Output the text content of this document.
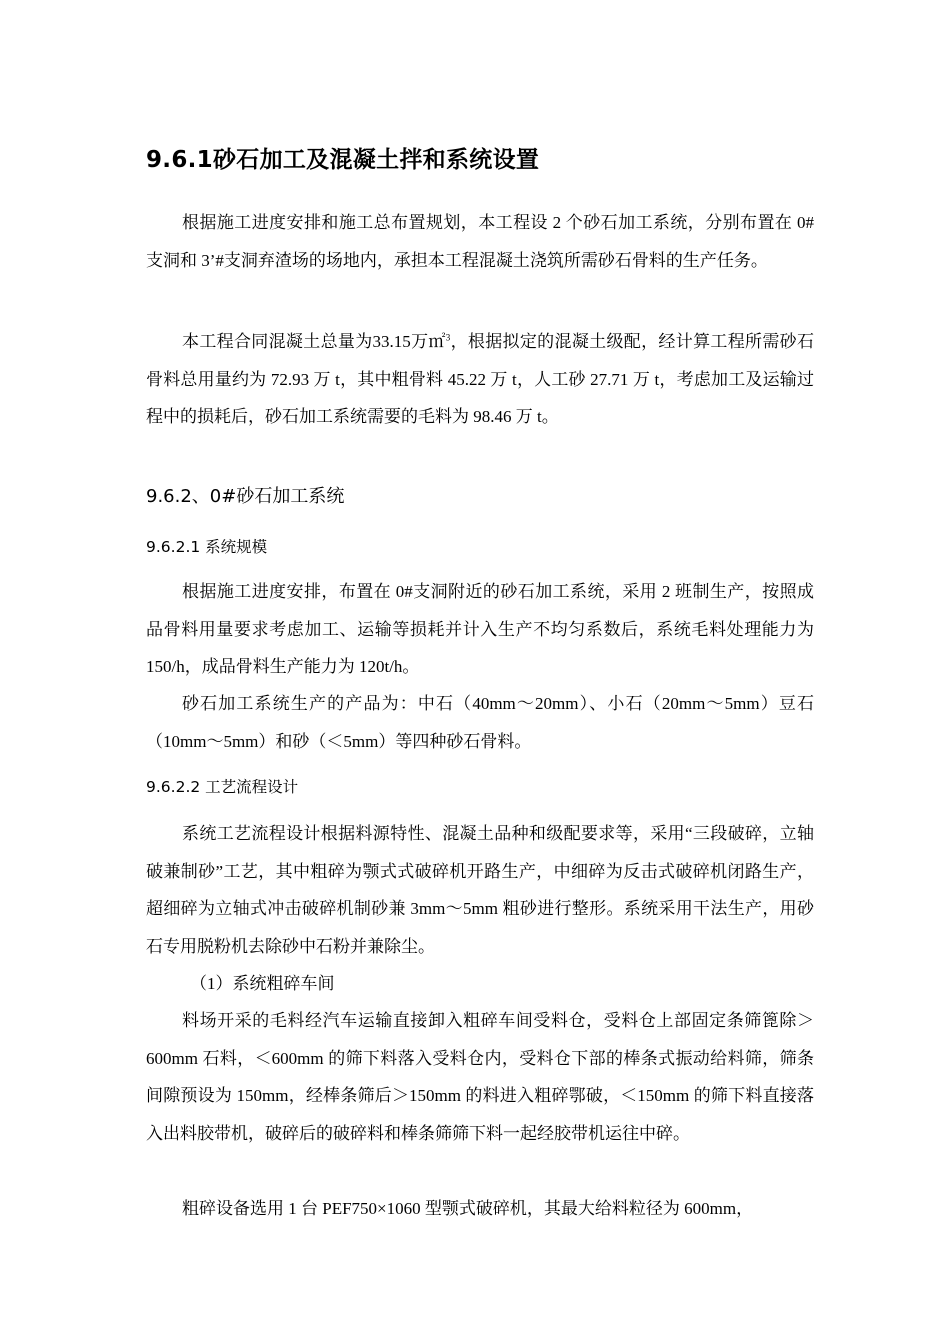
9.6.1砂石加工及混凝土拌和系统设置
根据施工进度安排和施工总布置规划，本工程设 2 个砂石加工系统，分别布置在 0#支洞和 3’#支洞弃渣场的场地内，承担本工程混凝土浇筑所需砂石骨料的生产任务。
本工程合同混凝土总量为33.15万㎡$^3$，根据拟定的混凝土级配，经计算工程所需砂石骨料总用量约为 72.93 万 t，其中粗骨料 45.22 万 t，人工砂 27.71 万 t，考虑加工及运输过程中的损耗后，砂石加工系统需要的毛料为 98.46 万 t。
9.6.2、0#砂石加工系统
9.6.2.1 系统规模
根据施工进度安排，布置在 0#支洞附近的砂石加工系统，采用 2 班制生产，按照成品骨料用量要求考虑加工、运输等损耗并计入生产不均匀系数后，系统毛料处理能力为 150/h，成品骨料生产能力为 120t/h。
砂石加工系统生产的产品为：中石（40mm～20mm）、小石（20mm～5mm）豆石（10mm～5mm）和砂（＜5mm）等四种砂石骨料。
9.6.2.2 工艺流程设计
系统工艺流程设计根据料源特性、混凝土品种和级配要求等，采用“三段破碎，立轴破兼制砂”工艺，其中粗碎为颚式式破碎机开路生产，中细碎为反击式破碎机闭路生产，超细碎为立轴式冲击破碎机制砂兼 3mm～5mm 粗砂进行整形。系统采用干法生产，用砂石专用脱粉机去除砂中石粉并兼除尘。
（1）系统粗碎车间
料场开采的毛料经汽车运输直接卸入粗碎车间受料仓，受料仓上部固定条筛篦除＞600mm 石料，＜600mm 的筛下料落入受料仓内，受料仓下部的棒条式振动给料筛，筛条间隙预设为 150mm，经棒条筛后＞150mm 的料进入粗碎鄂破，＜150mm 的筛下料直接落入出料胶带机，破碎后的破碎料和棒条筛筛下料一起经胶带机运往中碎。
粗碎设备选用 1 台 PEF750×1060 型颚式破碎机，其最大给料粒径为 600mm，
